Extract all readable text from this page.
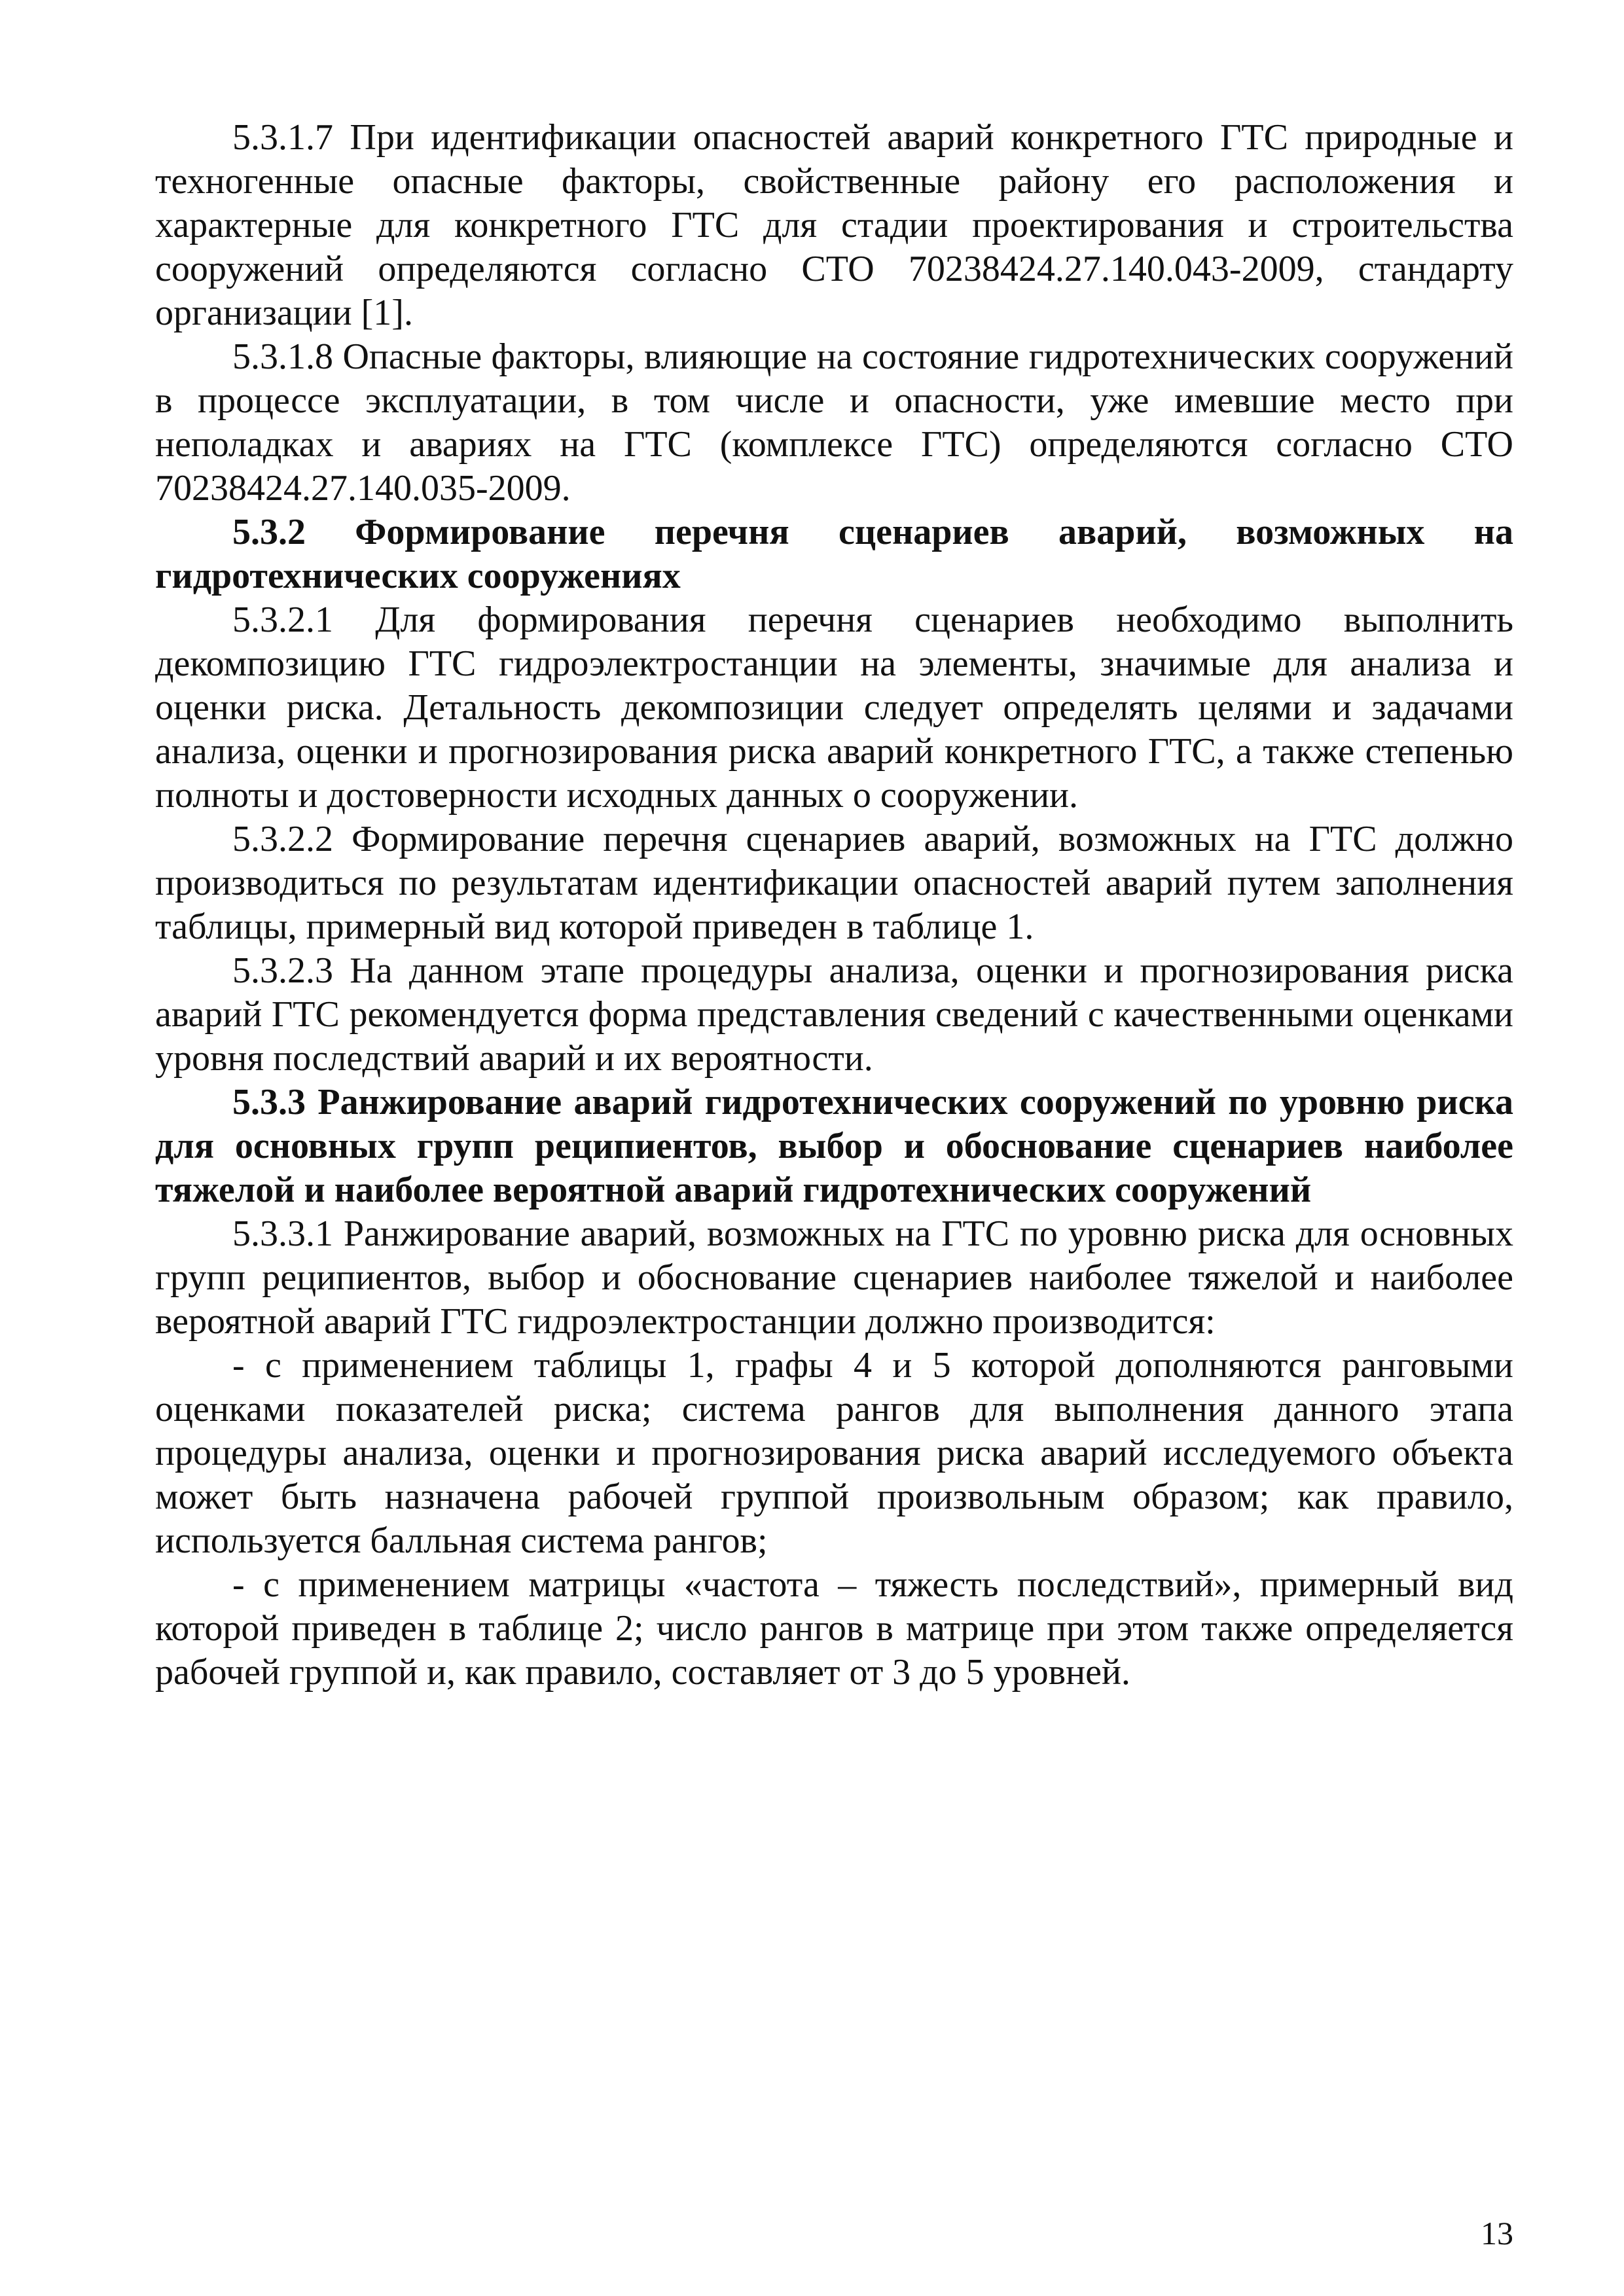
5.3.1.7 При идентификации опасностей аварий конкретного ГТС природные и техногенные опасные факторы, свойственные району его расположения и характерные для конкретного ГТС для стадии проектирования и строительства сооружений определяются согласно СТО 70238424.27.140.043-2009, стандарту организации [1].

5.3.1.8 Опасные факторы, влияющие на состояние гидротехнических сооружений в процессе эксплуатации, в том числе и опасности, уже имевшие место при неполадках и авариях на ГТС (комплексе ГТС) определяются согласно СТО 70238424.27.140.035-2009.

5.3.2 Формирование перечня сценариев аварий, возможных на гидротехнических сооружениях

5.3.2.1 Для формирования перечня сценариев необходимо выполнить декомпозицию ГТС гидроэлектростанции на элементы, значимые для анализа и оценки риска. Детальность декомпозиции следует определять целями и задачами анализа, оценки и прогнозирования риска аварий конкретного ГТС, а также степенью полноты и достоверности исходных данных о сооружении.

5.3.2.2 Формирование перечня сценариев аварий, возможных на ГТС должно производиться по результатам идентификации опасностей аварий путем заполнения таблицы, примерный вид которой приведен в таблице 1.

5.3.2.3 На данном этапе процедуры анализа, оценки и прогнозирования риска аварий ГТС рекомендуется форма представления сведений с качественными оценками уровня последствий аварий и их вероятности.

5.3.3 Ранжирование аварий гидротехнических сооружений по уровню риска для основных групп реципиентов, выбор и обоснование сценариев наиболее тяжелой и наиболее вероятной аварий гидротехнических сооружений

5.3.3.1 Ранжирование аварий, возможных на ГТС по уровню риска для основных групп реципиентов, выбор и обоснование сценариев наиболее тяжелой и наиболее вероятной аварий ГТС гидроэлектростанции должно производится:

- с применением таблицы 1, графы 4 и 5 которой дополняются ранговыми оценками показателей риска; система рангов для выполнения данного этапа процедуры анализа, оценки и прогнозирования риска аварий исследуемого объекта может быть назначена рабочей группой произвольным образом; как правило, используется балльная система рангов;

- с применением матрицы «частота – тяжесть последствий», примерный вид которой приведен в таблице 2; число рангов в матрице при этом также определяется рабочей группой и, как правило, составляет от 3 до 5 уровней.

13
